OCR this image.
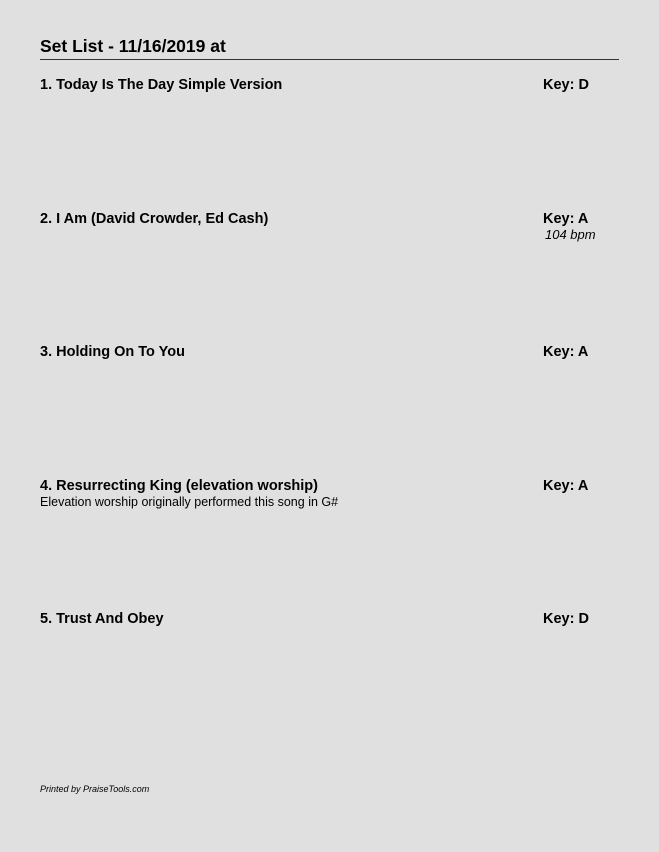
Set List - 11/16/2019 at
1. Today Is The Day Simple Version	Key: D
2. I Am (David Crowder, Ed Cash)	Key: A
104 bpm
3. Holding On To You	Key: A
4. Resurrecting King (elevation worship)	Key: A
Elevation worship originally performed this song in G#
5. Trust And Obey	Key: D
Printed by PraiseTools.com
